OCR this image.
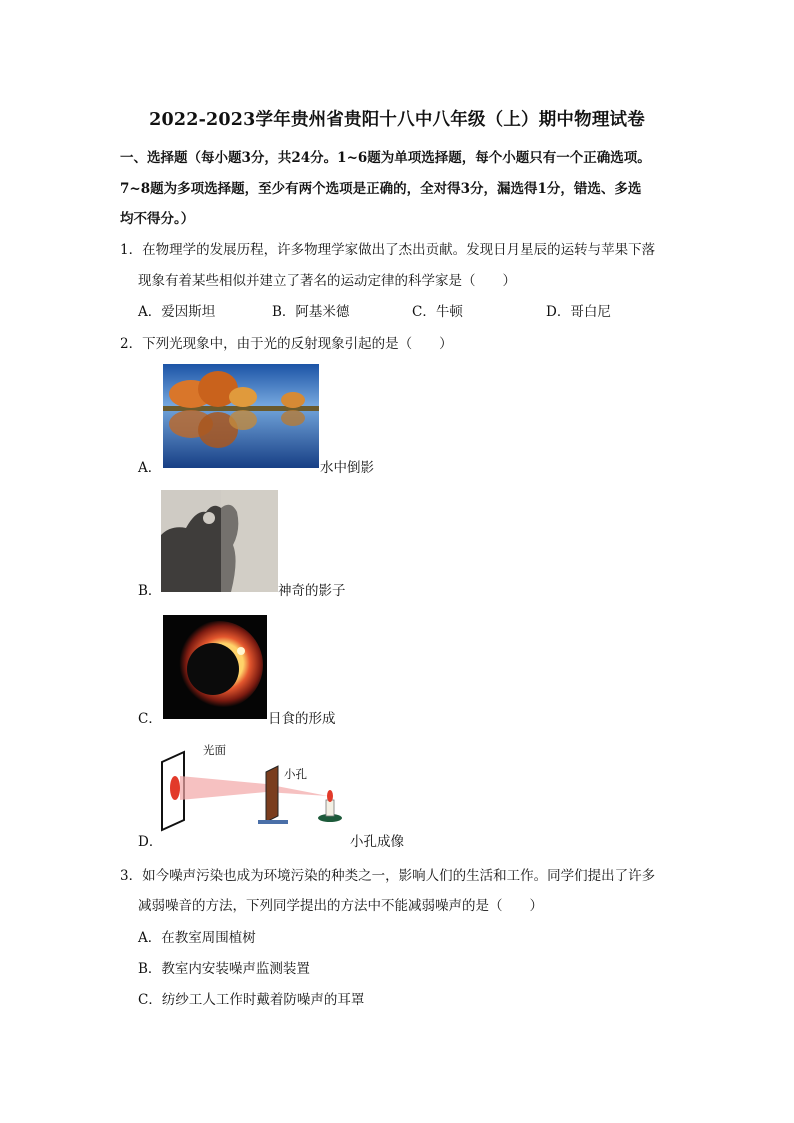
2022-2023学年贵州省贵阳十八中八年级（上）期中物理试卷
一、选择题（每小题3分，共24分。1~6题为单项选择题，每个小题只有一个正确选项。
7~8题为多项选择题，至少有两个选项是正确的，全对得3分，漏选得1分，错选、多选
均不得分。）
1．在物理学的发展历程，许多物理学家做出了杰出贡献。发现日月星辰的运转与苹果下落
现象有着某些相似并建立了著名的运动定律的科学家是（　　）
A．爱因斯坦	B．阿基米德	C．牛顿	D．哥白尼
2．下列光现象中，由于光的反射现象引起的是（　　）
A．	水中倒影
B．	神奇的影子
C．	日食的形成
D．
光面
小孔
小孔成像
3．如今噪声污染也成为环境污染的种类之一，影响人们的生活和工作。同学们提出了许多
减弱噪音的方法，下列同学提出的方法中不能减弱噪声的是（　　）
A．在教室周围植树
B．教室内安装噪声监测装置
C．纺纱工人工作时戴着防噪声的耳罩
